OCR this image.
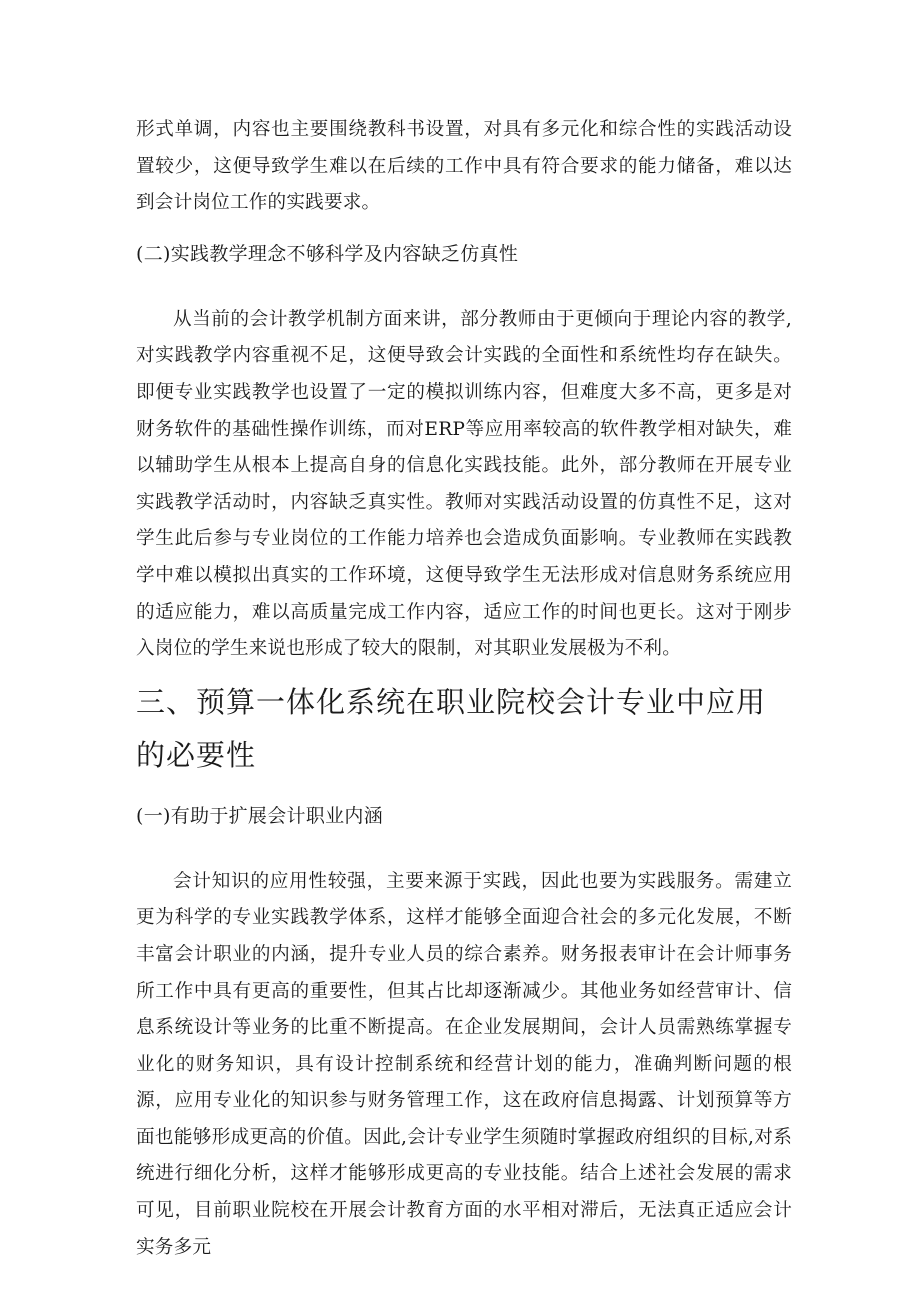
形式单调，内容也主要围绕教科书设置，对具有多元化和综合性的实践活动设置较少，这便导致学生难以在后续的工作中具有符合要求的能力储备，难以达到会计岗位工作的实践要求。

(二)实践教学理念不够科学及内容缺乏仿真性

从当前的会计教学机制方面来讲，部分教师由于更倾向于理论内容的教学,对实践教学内容重视不足，这便导致会计实践的全面性和系统性均存在缺失。即便专业实践教学也设置了一定的模拟训练内容，但难度大多不高，更多是对财务软件的基础性操作训练，而对ERP等应用率较高的软件教学相对缺失，难以辅助学生从根本上提高自身的信息化实践技能。此外，部分教师在开展专业实践教学活动时，内容缺乏真实性。教师对实践活动设置的仿真性不足，这对学生此后参与专业岗位的工作能力培养也会造成负面影响。专业教师在实践教学中难以模拟出真实的工作环境，这便导致学生无法形成对信息财务系统应用的适应能力，难以高质量完成工作内容，适应工作的时间也更长。这对于刚步入岗位的学生来说也形成了较大的限制，对其职业发展极为不利。

三、预算一体化系统在职业院校会计专业中应用的必要性

(一)有助于扩展会计职业内涵

会计知识的应用性较强，主要来源于实践，因此也要为实践服务。需建立更为科学的专业实践教学体系，这样才能够全面迎合社会的多元化发展，不断丰富会计职业的内涵，提升专业人员的综合素养。财务报表审计在会计师事务所工作中具有更高的重要性，但其占比却逐渐减少。其他业务如经营审计、信息系统设计等业务的比重不断提高。在企业发展期间，会计人员需熟练掌握专业化的财务知识，具有设计控制系统和经营计划的能力，准确判断问题的根源，应用专业化的知识参与财务管理工作，这在政府信息揭露、计划预算等方面也能够形成更高的价值。因此,会计专业学生须随时掌握政府组织的目标,对系统进行细化分析，这样才能够形成更高的专业技能。结合上述社会发展的需求可见，目前职业院校在开展会计教育方面的水平相对滞后，无法真正适应会计实务多元
